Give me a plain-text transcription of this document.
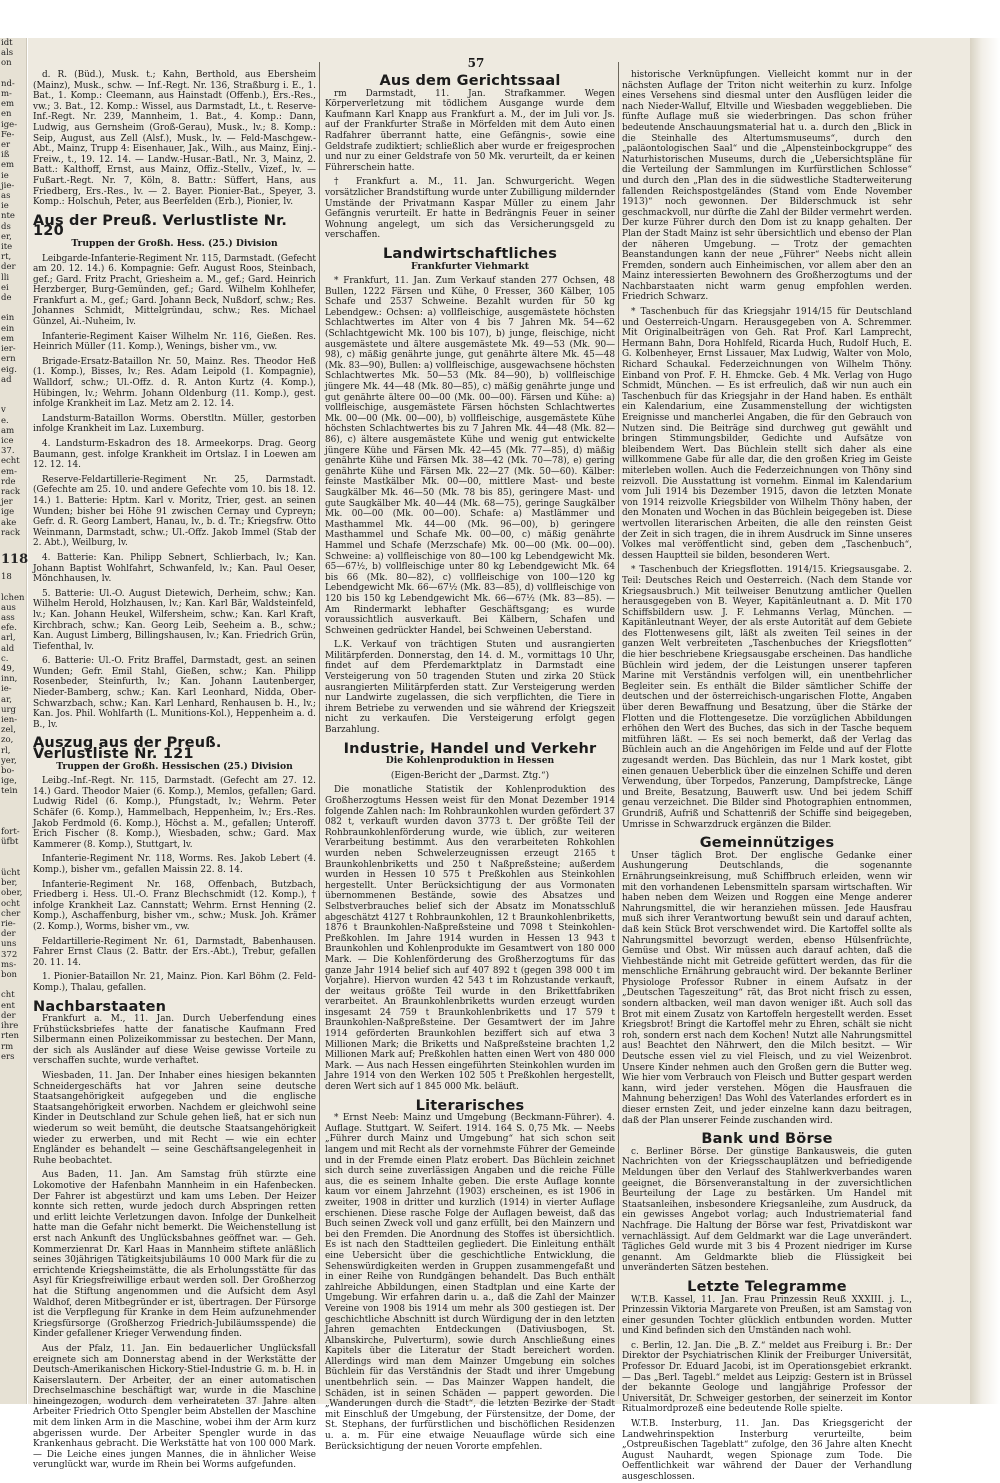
idt
als
on

nd-
m-
em
en
ige-
Fe-
er
iß
em
ie
jie-
as
ie
nte
ds
er,
ite
rt,
der
lli
ei
de

ein
ein
em
ier-
ern
eig.
ad

v
e.
am
ice
37.
echt
em-
rde
rack
jer
ige
ake
rack

118
18

lchen
aus
ass
efe.
arl,
ald
c.
49,
inn,
ie-
ar,
urg
ien-
zel,
zo,
rl,
yer,
bo-
ige,
tein

fort-
üfbt

ücht
ber,
ober,
ocht
cher
rie-
der
uns
372
ms-
bon

cht
ent
der
ihre
rten
rm
ers
57

d. R. (Büd.), Musk. t.; Kahn, Berthold, aus Ebersheim (Mainz), Musk., schw. — Inf.-Regt. Nr. 136, Straßburg i. E., 1. Bat., 1. Komp.: Cleemann, aus Hainstadt (Offenb.), Ers.-Res., vw.; 3. Bat., 12. Komp.: Wissel, aus Darmstadt, Lt., t. Reserve-Inf.-Regt. Nr. 239, Mannheim, 1. Bat., 4. Komp.: Dann, Ludwig, aus Gernsheim (Groß-Gerau), Musk., lv.; 8. Komp.: Seip, August, aus Zell (Alsf.), Musk., lv. — Feld-Maschgew.-Abt., Mainz, Trupp 4: Eisenhauer, Jak., Wilh., aus Mainz, Einj.-Freiw., t., 19. 12. 14. — Landw.-Husar.-Batl., Nr. 3, Mainz, 2. Batt.: Kalthoff, Ernst, aus Mainz, Offiz.-Stellv., Vizef., lv. — Fußart.-Regt. Nr. 7, Köln, 8. Battr.: Süffert, Hans, aus Friedberg, Ers.-Res., lv. — 2. Bayer. Pionier-Bat., Speyer, 3. Komp.: Holschuh, Peter, aus Beerfelden (Erb.), Pionier, lv.

Aus der Preuß. Verlustliste Nr. 120
Truppen der Großh. Hess. (25.) Division

Leibgarde-Infanterie-Regiment Nr. 115, Darmstadt. (Gefecht am 20. 12. 14.) 6. Kompagnie: Gefr. August Roos, Steinbach, gef.; Gard. Fritz Pracht, Griesheim a. M., gef.; Gard. Heinrich Herzberger, Burg-Gemünden, gef.; Gard. Wilhelm Kohlhefer, Frankfurt a. M., gef.; Gard. Johann Beck, Nußdorf, schw.; Res. Johannes Schmidt, Mittelgründau, schw.; Res. Michael Günzel, Ai.-Nuheim, lv.

Infanterie-Regiment Kaiser Wilhelm Nr. 116, Gießen. Res. Heinrich Müller (11. Komp.), Wenings, bisher vm., vw.

Brigade-Ersatz-Bataillon Nr. 50, Mainz. Res. Theodor Heß (1. Komp.), Bisses, lv.; Res. Adam Leipold (1. Kompagnie), Walldorf, schw.; Ul.-Offz. d. R. Anton Kurtz (4. Komp.), Hübingen, lv.; Wehrm. Johann Oldenburg (11. Komp.), gest. infolge Krankheit im Laz. Metz am 2. 12. 14.

Landsturm-Bataillon Worms. Oberstltn. Müller, gestorben infolge Krankheit im Laz. Luxemburg.

4. Landsturm-Eskadron des 18. Armeekorps. Drag. Georg Baumann, gest. infolge Krankheit im Ortslaz. I in Loewen am 12. 12. 14.

Reserve-Feldartillerie-Regiment Nr. 25, Darmstadt. (Gefechte am 25. 10. und andere Gefechte vom 10. bis 18. 12. 14.) 1. Batterie: Hptm. Karl v. Moritz, Trier, gest. an seinen Wunden; bisher bei Höhe 91 zwischen Cernay und Cypreyn; Gefr. d. R. Georg Lambert, Hanau, lv., b. d. Tr.; Kriegsfrw. Otto Weinmann, Darmstadt, schw.; Ul.-Offz. Jakob Immel (Stab der 2. Abt.), Weilburg, lv.

4. Batterie: Kan. Philipp Sebnert, Schlierbach, lv.; Kan. Johann Baptist Wohlfahrt, Schwanfeld, lv.; Kan. Paul Oeser, Mönchhausen, lv.

5. Batterie: Ul.-O. August Dietewich, Derheim, schw.; Kan. Wilhelm Herold, Holzhausen, lv.; Kan. Karl Bär, Waldsteinfeld, lv.; Kan. Johann Heukel, Wilfersheim, schw.; Kan. Karl Kraft, Kirchbrach, schw.; Kan. Georg Leib, Seeheim a. B., schw.; Kan. August Limberg, Billingshausen, lv.; Kan. Friedrich Grün, Tiefenthal, lv.

6. Batterie: Ul.-O. Fritz Braffel, Darmstadt, gest. an seinen Wunden; Gefr. Emil Stahl, Gießen, schw.; Kan. Philipp Rosenbeder, Steinfurth, lv.; Kan. Johann Lautenberger, Nieder-Bamberg, schw.; Kan. Karl Leonhard, Nidda, Ober-Schwarzbach, schw.; Kan. Karl Lenhard, Renhausen b. H., lv.; Kan. Jos. Phil. Wohlfarth (L. Munitions-Kol.), Heppenheim a. d. B., lv.

Auszug aus der Preuß. Verlustliste Nr. 121
Truppen der Großh. Hessischen (25.) Division

Leibg.-Inf.-Regt. Nr. 115, Darmstadt. (Gefecht am 27. 12. 14.) Gard. Theodor Maier (6. Komp.), Memlos, gefallen; Gard. Ludwig Ridel (6. Komp.), Pfungstadt, lv.; Wehrm. Peter Schäfer (6. Komp.), Hammelbach, Heppenheim, lv.; Ers.-Res. Jakob Ferdmold (6. Komp.), Höchst a. M., gefallen; Unteroff. Erich Fischer (8. Komp.), Wiesbaden, schw.; Gard. Max Kammerer (8. Komp.), Stuttgart, lv.

Infanterie-Regiment Nr. 118, Worms. Res. Jakob Lebert (4. Komp.), bisher vm., gefallen Maissin 22. 8. 14.

Infanterie-Regiment Nr. 168, Offenbach, Butzbach, Friedberg i. Hess. Ul.-O. Franz Blechschmidt (12. Komp.), † infolge Krankheit Laz. Cannstatt; Wehrm. Ernst Henning (2. Komp.), Aschaffenburg, bisher vm., schw.; Musk. Joh. Krämer (2. Komp.), Worms, bisher vm., vw.

Feldartillerie-Regiment Nr. 61, Darmstadt, Babenhausen. Fahrer Ernst Claus (2. Battr. der Ers.-Abt.), Trebur, gefallen 20. 11. 14.

1. Pionier-Bataillon Nr. 21, Mainz. Pion. Karl Böhm (2. Feld-Komp.), Thalau, gefallen.

Nachbarstaaten

Frankfurt a. M., 11. Jan. Durch Ueberfendung eines Frühstücksbriefes hatte der fanatische Kaufmann Fred Silbermann einen Polizeikommissar zu bestechen. Der Mann, der sich als Ausländer auf diese Weise gewisse Vorteile zu verschaffen suchte, wurde verhaftet.

Wiesbaden, 11. Jan. Der Inhaber eines hiesigen bekannten Schneidergeschäfts hat vor Jahren seine deutsche Staatsangehörigkeit aufgegeben und die englische Staatsangehörigkeit erworben. Nachdem er gleichwohl seine Kinder in Deutschland zur Schule gehen ließ, hat er sich nun wiederum so weit bemüht, die deutsche Staatsangehörigkeit wieder zu erwerben, und mit Recht — wie ein echter Engländer es behandelt — seine Geschäftsangelegenheit in Ruhe beobachtet.

Aus Baden, 11. Jan. Am Samstag früh stürzte eine Lokomotive der Hafenbahn Mannheim in ein Hafenbecken. Der Fahrer ist abgestürzt und kam ums Leben. Der Heizer konnte sich retten, wurde jedoch durch Abspringen retten und erlitt leichte Verletzungen davon. Infolge der Dunkelheit hatte man die Gefahr nicht bemerkt. Die Weichenstellung ist erst nach Ankunft des Unglücksbahnes geöffnet war. — Geh. Kommerzienrat Dr. Karl Haas in Mannheim stiftete anläßlich seines 30jährigen Tätigkeitsjubiläums 10 000 Mark für die zu errichtende Kriegsheimstätte, die als Erholungsstätte für das Asyl für Kriegsfreiwillige erbaut werden soll. Der Großherzog hat die Stiftung angenommen und die Aufsicht dem Asyl Waldhof, deren Mitbegründer er ist, übertragen. Der Fürsorge ist die Verpflegung für Kranke in dem Heim aufzunehmender Kriegsfürsorge (Großherzog Friedrich-Jubiläumsspende) die Kinder gefallener Krieger Verwendung finden.

Aus der Pfalz, 11. Jan. Ein bedauerlicher Unglücksfall ereignete sich am Donnerstag abend in der Werkstätte der Deutsch-Amerikanischen Hickory-Stiel-Industrie G. m. b. H. in Kaiserslautern. Der Arbeiter, der an einer automatischen Drechselmaschine beschäftigt war, wurde in die Maschine hineingezogen, wodurch dem verheirateten 37 Jahre alten Arbeiter Friedrich Otto Spengler beim Abstellen der Maschine mit dem linken Arm in die Maschine, wobei ihm der Arm kurz abgerissen wurde. Der Arbeiter Spengler wurde in das Krankenhaus gebracht. Die Werkstätte hat von 100 000 Mark. — Die Leiche eines jungen Mannes, die in ähnlicher Weise verunglückt war, wurde im Rhein bei Worms aufgefunden.

Aus dem Gerichtssaal

rm Darmstadt, 11. Jan. Strafkammer. Wegen Körperverletzung mit tödlichem Ausgange wurde dem Kaufmann Karl Knapp aus Frankfurt a. M., der im Juli vor. Js. auf der Frankfurter Straße in Mörfelden mit dem Auto einen Radfahrer überrannt hatte, eine Gefängnis-, sowie eine Geldstrafe zudiktiert; schließlich aber wurde er freigesprochen und nur zu einer Geldstrafe von 50 Mk. verurteilt, da er keinen Führerschein hatte.

† Frankfurt a. M., 11. Jan. Schwurgericht. Wegen vorsätzlicher Brandstiftung wurde unter Zubilligung mildernder Umstände der Privatmann Kaspar Müller zu einem Jahr Gefängnis verurteilt. Er hatte in Bedrängnis Feuer in seiner Wohnung angelegt, um sich das Versicherungsgeld zu verschaffen.

Landwirtschaftliches
Frankfurter Viehmarkt

* Frankfurt, 11. Jan. Zum Verkauf standen 277 Ochsen, 48 Bullen, 1222 Färsen und Kühe, 0 Fresser, 360 Kälber, 105 Schafe und 2537 Schweine. Bezahlt wurden für 50 kg Lebendgew.: Ochsen: a) vollfleischige, ausgemästete höchsten Schlachtwertes im Alter von 4 bis 7 Jahren Mk. 54—62 (Schlachtgewicht Mk. 100 bis 107), b) junge, fleischige, nicht ausgemästete und ältere ausgemästete Mk. 49—53 (Mk. 90—98), c) mäßig genährte junge, gut genährte ältere Mk. 45—48 (Mk. 83—90), Bullen: a) vollfleischige, ausgewachsene höchsten Schlachtwertes Mk. 50—53 (Mk. 84—90), b) vollfleischige jüngere Mk. 44—48 (Mk. 80—85), c) mäßig genährte junge und gut genährte ältere 00—00 (Mk. 00—00). Färsen und Kühe: a) vollfleischige, ausgemästete Färsen höchsten Schlachtwertes Mk. 00—00 (Mk. 00—00), b) vollfleischige, ausgemästete Kühe höchsten Schlachtwertes bis zu 7 Jahren Mk. 44—48 (Mk. 82—86), c) ältere ausgemästete Kühe und wenig gut entwickelte jüngere Kühe und Färsen Mk. 42—45 (Mk. 77—85), d) mäßig genährte Kühe und Färsen Mk. 38—42 (Mk. 70—78), e) gering genährte Kühe und Färsen Mk. 22—27 (Mk. 50—60). Kälber: feinste Mastkälber Mk. 00—00, mittlere Mast- und beste Saugkälber Mk. 46—50 (Mk. 78 bis 85), geringere Mast- und gute Saugkälber Mk. 40—44 (Mk. 68—75), geringe Saugkälber Mk. 00—00 (Mk. 00—00). Schafe: a) Mastlämmer und Masthammel Mk. 44—00 (Mk. 96—00), b) geringere Masthammel und Schafe Mk. 00—00, c) mäßig genährte Hammel und Schafe (Merzschafe) Mk. 00—00 (Mk. 00—00). Schweine: a) vollfleischige von 80—100 kg Lebendgewicht Mk. 65—67½, b) vollfleischige unter 80 kg Lebendgewicht Mk. 64 bis 66 (Mk. 80—82), c) vollfleischige von 100—120 kg Lebendgewicht Mk. 66—67½ (Mk. 83—85), d) vollfleischige von 120 bis 150 kg Lebendgewicht Mk. 66—67½ (Mk. 83—85). — Am Rindermarkt lebhafter Geschäftsgang; es wurde voraussichtlich ausverkauft. Bei Kälbern, Schafen und Schweinen gedrückter Handel, bei Schweinen Ueberstand.

L.K. Verkauf von trächtigen Stuten und ausrangierten Militärpferden. Donnerstag, den 14. d. M., vormittags 10 Uhr, findet auf dem Pferdemarktplatz in Darmstadt eine Versteigerung von 50 tragenden Stuten und zirka 20 Stück ausrangierten Militärpferden statt. Zur Versteigerung werden nur Landwirte zugelassen, die sich verpflichten, die Tiere in ihrem Betriebe zu verwenden und sie während der Kriegszeit nicht zu verkaufen. Die Versteigerung erfolgt gegen Barzahlung.

Industrie, Handel und Verkehr
Die Kohlenproduktion in Hessen
(Eigen-Bericht der „Darmst. Ztg.“)

Die monatliche Statistik der Kohlenproduktion des Großherzogtums Hessen weist für den Monat Dezember 1914 folgende Zahlen nach: Im Rohbraunkohlen wurden gefördert 37 082 t, verkauft wurden davon 3773 t. Der größte Teil der Rohbraunkohlenförderung wurde, wie üblich, zur weiteren Verarbeitung bestimmt. Aus den verarbeiteten Rohkohlen wurden neben Schwelerzeugnissen erzeugt 2165 t Braunkohlenbriketts und 250 t Naßpreßsteine; außerdem wurden in Hessen 10 575 t Preßkohlen aus Steinkohlen hergestellt. Unter Berücksichtigung der aus Vormonaten übernommenen Bestände, sowie des Absatzes und Selbstverbrauches belief sich der Absatz im Monatsschluß abgeschätzt 4127 t Rohbraunkohlen, 12 t Braunkohlenbriketts, 1876 t Braunkohlen-Naßpreßsteine und 7098 t Steinkohlen-Preßkohlen. Im Jahre 1914 wurden in Hessen 13 943 t Braunkohlen und Kohlenprodukte im Gesamtwert von 180 000 Mark. — Die Kohlenförderung des Großherzogtums für das ganze Jahr 1914 belief sich auf 407 892 t (gegen 398 000 t im Vorjahre). Hiervon wurden 42 543 t im Rohzustande verkauft, der weitaus größte Teil wurde in den Brikettfabriken verarbeitet. An Braunkohlenbriketts wurden erzeugt wurden insgesamt 24 759 t Braunkohlenbriketts und 17 579 t Braunkohlen-Naßpreßsteine. Der Gesamtwert der im Jahre 1914 geförderten Braunkohlen beziffert sich auf etwa 3 Millionen Mark; die Briketts und Naßpreßsteine brachten 1,2 Millionen Mark auf; Preßkohlen hatten einen Wert von 480 000 Mark. — Aus nach Hessen eingeführten Steinkohlen wurden im Jahre 1914 von den Werken 102 505 t Preßkohlen hergestellt, deren Wert sich auf 1 845 000 Mk. beläuft.

Literarisches

* Ernst Neeb: Mainz und Umgebung (Beckmann-Führer). 4. Auflage. Stuttgart. W. Seifert. 1914. 164 S. 0,75 Mk. — Neebs „Führer durch Mainz und Umgebung“ hat sich schon seit langem und mit Recht als der vornehmste Führer der Gemeinde und in der Fremde einen Platz erobert. Das Büchlein zeichnet sich durch seine zuverlässigen Angaben und die reiche Fülle aus, die es seinem Inhalte geben. Die erste Auflage konnte kaum vor einem Jahrzehnt (1903) erscheinen, es ist 1906 in zweiter, 1908 in dritter und kurzlich (1914) in vierter Auflage erschienen. Diese rasche Folge der Auflagen beweist, daß das Buch seinen Zweck voll und ganz erfüllt, bei den Mainzern und bei den Fremden. Die Anordnung des Stoffes ist übersichtlich. Es ist nach den Stadtteilen gegliedert. Die Einleitung enthält eine Uebersicht über die geschichtliche Entwicklung, die Sehenswürdigkeiten werden in Gruppen zusammengefaßt und in einer Reihe von Rundgängen behandelt. Das Buch enthält zahlreiche Abbildungen, einen Stadtplan und eine Karte der Umgebung. Wir erfahren darin u. a., daß die Zahl der Mainzer Vereine von 1908 bis 1914 um mehr als 300 gestiegen ist. Der geschichtliche Abschnitt ist durch Würdigung der in den letzten Jahren gemachten Entdeckungen (Dativiusbogen, St. Albanskirche, Pulverturm), sowie durch Anschließung eines Kapitels über die Literatur der Stadt bereichert worden. Allerdings wird man dem Mainzer Umgebung ein solches Büchlein für das Verständnis der Stadt und ihrer Umgebung unentbehrlich sein. — Das Mainzer Wappen handelt, die Schäden, ist in seinen Schäden — pappert geworden. Die „Wanderungen durch die Stadt“, die letzten Bezirke der Stadt mit Einschluß der Umgebung, der Fürstensitze, der Dome, der St. Stephans, der furfürstlichen und bischöflichen Residenzen u. a. m. Für eine etwaige Neuauflage würde sich eine Berücksichtigung der neuen Vororte empfehlen.

historische Verknüpfungen. Vielleicht kommt nur in der nächsten Auflage der Triton nicht weiterhin zu kurz. Infolge eines Versehens sind diesmal unter den Ausflügen leider die nach Nieder-Walluf, Eltville und Wiesbaden weggeblieben. Die fünfte Auflage muß sie wiederbringen. Das schon früher bedeutende Anschauungsmaterial hat u. a. durch den „Blick in die Steinhalle des Altertumsmuseums“, durch den „paläontologischen Saal“ und die „Alpensteinbockgruppe“ des Naturhistorischen Museums, durch die „Uebersichtspläne für die Verteilung der Sammlungen im Kurfürstlichen Schlosse“ und durch den „Plan des in die südwestliche Stadterweiterung fallenden Reichspostgeländes (Stand vom Ende November 1913)“ noch gewonnen. Der Bilderschmuck ist sehr geschmackvoll, nur dürfte die Zahl der Bilder vermehrt werden. Der kurze Führer durch den Dom ist zu knapp gehalten. Der Plan der Stadt Mainz ist sehr übersichtlich und ebenso der Plan der näheren Umgebung. — Trotz der gemachten Beanstandungen kann der neue „Führer“ Neebs nicht allein Fremden, sondern auch Einheimischen, vor allem aber den an Mainz interessierten Bewohnern des Großherzogtums und der Nachbarstaaten nicht warm genug empfohlen werden. Friedrich Schwarz.

* Taschenbuch für das Kriegsjahr 1914/15 für Deutschland und Oesterreich-Ungarn. Herausgegeben von A. Schremmer. Mit Originalbeiträgen von Geh. Rat Prof. Karl Lamprecht, Hermann Bahn, Dora Hohlfeld, Ricarda Huch, Rudolf Huch, E. G. Kolbenheyer, Ernst Lissauer, Max Ludwig, Walter von Molo, Richard Schaukal. Federzeichnungen von Wilhelm Thöny. Einband von Prof. F. H. Ehmcke. Geb. 4 Mk. Verlag von Hugo Schmidt, München. — Es ist erfreulich, daß wir nun auch ein Taschenbuch für das Kriegsjahr in der Hand haben. Es enthält ein Kalendarium, eine Zusammenstellung der wichtigsten Ereignisse und mancherlei Angaben, die für den Gebrauch von Nutzen sind. Die Beiträge sind durchweg gut gewählt und bringen Stimmungsbilder, Gedichte und Aufsätze von bleibendem Wert. Das Büchlein stellt sich daher als eine willkommene Gabe für alle dar, die den großen Krieg im Geiste miterleben wollen. Auch die Federzeichnungen von Thöny sind reizvoll. Die Ausstattung ist vornehm. Einmal im Kalendarium vom Juli 1914 bis Dezember 1915, davon die letzten Monate von 1914 reizvolle Kriegsbilder von Wilhelm Thöny haben, der den Monaten und Wochen in das Büchlein beigegeben ist. Diese wertvollen literarischen Arbeiten, die alle den reinsten Geist der Zeit in sich tragen, die in ihrem Ausdruck im Sinne unseres Volkes mal veröffentlicht sind, geben dem „Taschenbuch“, dessen Hauptteil sie bilden, besonderen Wert.

* Taschenbuch der Kriegsflotten. 1914/15. Kriegsausgabe. 2. Teil: Deutsches Reich und Oesterreich. (Nach dem Stande vor Kriegsausbruch.) Mit teilweiser Benutzung amtlicher Quellen herausgegeben von B. Weyer, Kapitänleutnant a. D. Mit 170 Schiffsbildern usw. J. F. Lehmanns Verlag, München. — Kapitänleutnant Weyer, der als erste Autorität auf dem Gebiete des Flottenwesens gilt, läßt als zweiten Teil seines in der ganzen Welt verbreiteten „Taschenbuches der Kriegsflotten“ die hier beschriebene Kriegsausgabe erscheinen. Das handliche Büchlein wird jedem, der die Leistungen unserer tapferen Marine mit Verständnis verfolgen will, ein unentbehrlicher Begleiter sein. Es enthält die Bilder sämtlicher Schiffe der deutschen und der österreichisch-ungarischen Flotte, Angaben über deren Bewaffnung und Besatzung, über die Stärke der Flotten und die Flottengesetze. Die vorzüglichen Abbildungen erhöhen den Wert des Buches, das sich in der Tasche bequem mitführen läßt. — Es sei noch bemerkt, daß der Verlag das Büchlein auch an die Angehörigen im Felde und auf der Flotte zugesandt werden. Das Büchlein, das nur 1 Mark kostet, gibt einen genauen Ueberblick über die einzelnen Schiffe und deren Verwendung, über Torpedos, Panzerung, Dampfstreckе, Länge und Breite, Besatzung, Bauwerft usw. Und bei jedem Schiff genau verzeichnet. Die Bilder sind Photographien entnommen, Grundriß, Aufriß und Schattenriß der Schiffe sind beigegeben, Umrisse in Schwarzdruck ergänzen die Bilder.

Gemeinnütziges

Unser täglich Brot. Der englische Gedanke einer Aushungerung Deutschlands, die sogenannte Ernährungseinkreisung, muß Schiffbruch erleiden, wenn wir mit den vorhandenen Lebensmitteln sparsam wirtschaften. Wir haben neben dem Weizen und Roggen eine Menge anderer Nahrungsmittel, die wir heranziehen müssen. Jede Hausfrau muß sich ihrer Verantwortung bewußt sein und darauf achten, daß kein Stück Brot verschwendet wird. Die Kartoffel sollte als Nahrungsmittel bevorzugt werden, ebenso Hülsenfrüchte, Gemüse und Obst. Wir müssen auch darauf achten, daß die Viehbestände nicht mit Getreide gefüttert werden, das für die menschliche Ernährung gebraucht wird. Der bekannte Berliner Physiologe Professor Rubner in einem Aufsatz in der „Deutschen Tageszeitung“ rät, das Brot nicht frisch zu essen, sondern altbacken, weil man davon weniger ißt. Auch soll das Brot mit einem Zusatz von Kartoffeln hergestellt werden. Esset Kriegsbrot! Bringt die Kartoffel mehr zu Ehren, schält sie nicht roh, sondern erst nach dem Kochen! Nutzt alle Nahrungsmittel aus! Beachtet den Nährwert, den die Milch besitzt. — Wir Deutsche essen viel zu viel Fleisch, und zu viel Weizenbrot. Unsere Kinder nehmen auch den Großen gern die Butter weg. Wie hier vom Verbrauch von Fleisch und Butter gespart werden kann, wird jeder verstehen. Mögen die Hausfrauen die Mahnung beherzigen! Das Wohl des Vaterlandes erfordert es in dieser ernsten Zeit, und jeder einzelne kann dazu beitragen, daß der Plan unserer Feinde zuschanden wird.

Bank und Börse

c. Berliner Börse. Der günstige Bankausweis, die guten Nachrichten von der Kriegsschauplätzen und befriedigende Meldungen über den Verlauf des Stahlwerkverbandes waren geeignet, die Börsenveranstaltung in der zuversichtlichen Beurteilung der Lage zu bestärken. Um Handel mit Staatsanleihen, insbesondere Kriegsanleihe, zum Ausdruck, da ein gewisses Angebot vorlag; auch Industriematerial fand Nachfrage. Die Haltung der Börse war fest, Privatdiskont war vernachlässigt. Auf dem Geldmarkt war die Lage unverändert. Tägliches Geld wurde mit 3 bis 4 Prozent niedriger im Kurse genannt. Am Geldmarkte blieb die Flüssigkeit bei unveränderten Sätzen bestehen.

Letzte Telegramme

W.T.B. Kassel, 11. Jan. Frau Prinzessin Reuß XXXIII. j. L., Prinzessin Viktoria Margarete von Preußen, ist am Samstag von einer gesunden Tochter glücklich entbunden worden. Mutter und Kind befinden sich den Umständen nach wohl.

c. Berlin, 12. Jan. Die „B. Z.“ meldet aus Freiburg i. Br.: Der Direktor der Psychiatrischen Klinik der Freiburger Universität, Professor Dr. Eduard Jacobi, ist im Operationsgebiet erkrankt. — Das „Berl. Tagebl.“ meldet aus Leipzig: Gestern ist in Brüssel der bekannte Geologe und langjährige Professor der Universität, Dr. Schweiger gestorben, der seinerzeit im Kontor Ritualmordprozeß eine bedeutende Rolle spielte.

W.T.B. Insterburg, 11. Jan. Das Kriegsgericht der Landwehrinspektion Insterburg verurteilte, beim „Ostpreußischen Tageblatt“ zufolge, den 36 Jahre alten Knecht August Nauhardt, wegen Spionage zum Tode. Die Oeffentlichkeit war während der Dauer der Verhandlung ausgeschlossen.
